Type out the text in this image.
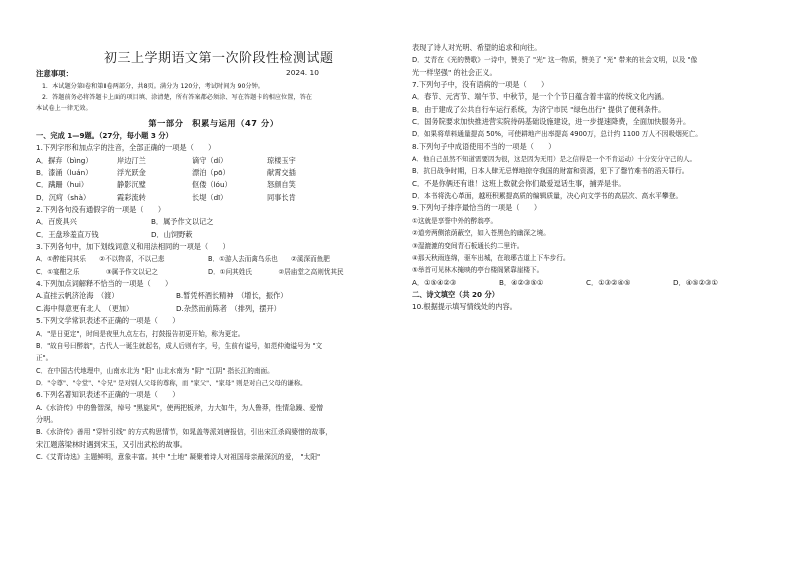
初三上学期语文第一次阶段性检测试题
注意事项：	2024. 10
1．本试题分第Ⅰ卷和第Ⅱ卷两部分，共8页。满分为 120分，考试时间为 90分钟。
2．答题前务必将答题卡上面的项目填、涂清楚，所有答案都必须涂、写在答题卡的相应位置，答在
本试卷上一律无效。
第一部分　积累与运用（47 分）
一、完成 1—9题。（27分，每小题 3 分）
1.下列字形和加点字的注音，全部正确的一项是（　　）
A．摒弃（bìng）	岸边汀兰	谪守（dí）	琼楼玉宇
B．漆涌（luán）	浮光跃金	漂泊（pō）	献霄交插
C．蹒跚（hui）	静影沉璧	伛偻（lóu）	怒颜自笑
D．沉疴（shà）	霞彩流转	长堤（dī）	同事长肯
2.下列各句没有通假字的一项是（　　）
A．百废具兴	B．属予作文以记之
C．王盘珍羞直万钱	D．山饲野蔌
3.下列各句中，加下划线词意义和用法相同的一项是（　　）
A．①醉能同其乐　　②不以物喜，不以己悲	B．①游人去而禽鸟乐也　　②溪深而鱼肥
C．①宴酣之乐　　　　③属予作文以记之	D．①问其姓氏　　　　②居庙堂之高则忧其民
4.下列加点词解释不恰当的一项是（　　）
A.直挂云帆济沧海　（渡）	B.暂凭杯酒长精神　（增长，振作）
C.海中得意更有北人　（更加）	D.杂然而前陈者　（排列，摆开）
5.下列文学常识表述不正确的一项是（　　）
A．"是日更定"，时间是夜里九点左右，打鼓报告初更开始，称为更定。
B．"故自号曰醉翁"，古代人一诞生就起名，成人后则有字，号，生前有谥号，如范仲淹谥号为 "文
正"。
C．在中国古代地理中，山南水北为 "阳" 山北水南为 "阴" "江阴" 指长江的南面。
D．"令尊"、"令堂"、"令兄" 是对别人父母的尊称，而 "家父"、"家母" 则是对自己父母的谦称。
6.下列名著知识表述不正确的一项是（　　）
A.《水浒传》中的鲁智深，绰号 "黑旋风"，使两把板斧，力大如牛，为人鲁莽，性情急躁、爱憎
分明。
B.《水浒传》善用 "穿针引线" 的方式构思情节，如晁盖等派刘唐报信，引出宋江杀阎婆惜的故事，
宋江题落梁林时遇到宋玉，又引出武松的故事。
C.《艾青诗选》主题鲜明，意象丰富。其中 "土地" 凝聚着诗人对祖国母亲最深沉的爱， "太阳"
表现了诗人对光明、希望的追求和向往。
D．艾青在《光的赞歌》一诗中，赞美了 "光" 这一物质，赞美了 "光" 带来的社会文明，以及 "像
光一样坚强" 的社会正义。
7.下列句子中，没有语病的一项是（　　）
A．春节、元宵节、端午节、中秋节，是一个个节日蕴含着丰富的传统文化内涵。
B．由于建成了公共自行车运行系统，为济宁市民 "绿色出行" 提供了便利条件。
C．国务院要求加快推进营实院待码基础设施建设，进一步提速降费，全面加快服务升。
D．如果将草料通量提高 50%，可使耕地产出率提高 4900万，总计约 1100 万人不因吸烟死亡。
8.下列句子中成语使用不当的一项是（　　）
A．他自己虽然不知道需要因为很，这是因为无用）是之信得是一个不肯运动）十分安分守己的人。
B．抗日战争时期，日本人肆无忌惮地掠夺我国的财富和资源，犯下了罄竹难书的滔天罪行。
C．不是你俩还有谁！这班上数就会你们最爱逗话生事，捕弄是非。
D．本书将洗心革面，越班积累提高质的编辑质量，决心向文学书的高层次、高水平攀登。
9.下列句子排序最恰当的一项是（　　）
①这就是享誉中外的醉翁亭。
②道旁两侧浓荫蔽空，如入苍黑色的幽深之境。
③湿漉漉的变间青石板通长约二里许。
④那天秋雨连绵，驱车出城，在琅琊古道上下车步行。
⑤举首可见林木掩映的亭台楼阁紧靠崖楼下。
A．①⑤④②③	B．④②③⑤①	C．①③②④⑤	D．④⑤②③①
二、诗文填空（共 20 分）
10.根据提示填写情线处的内容。
